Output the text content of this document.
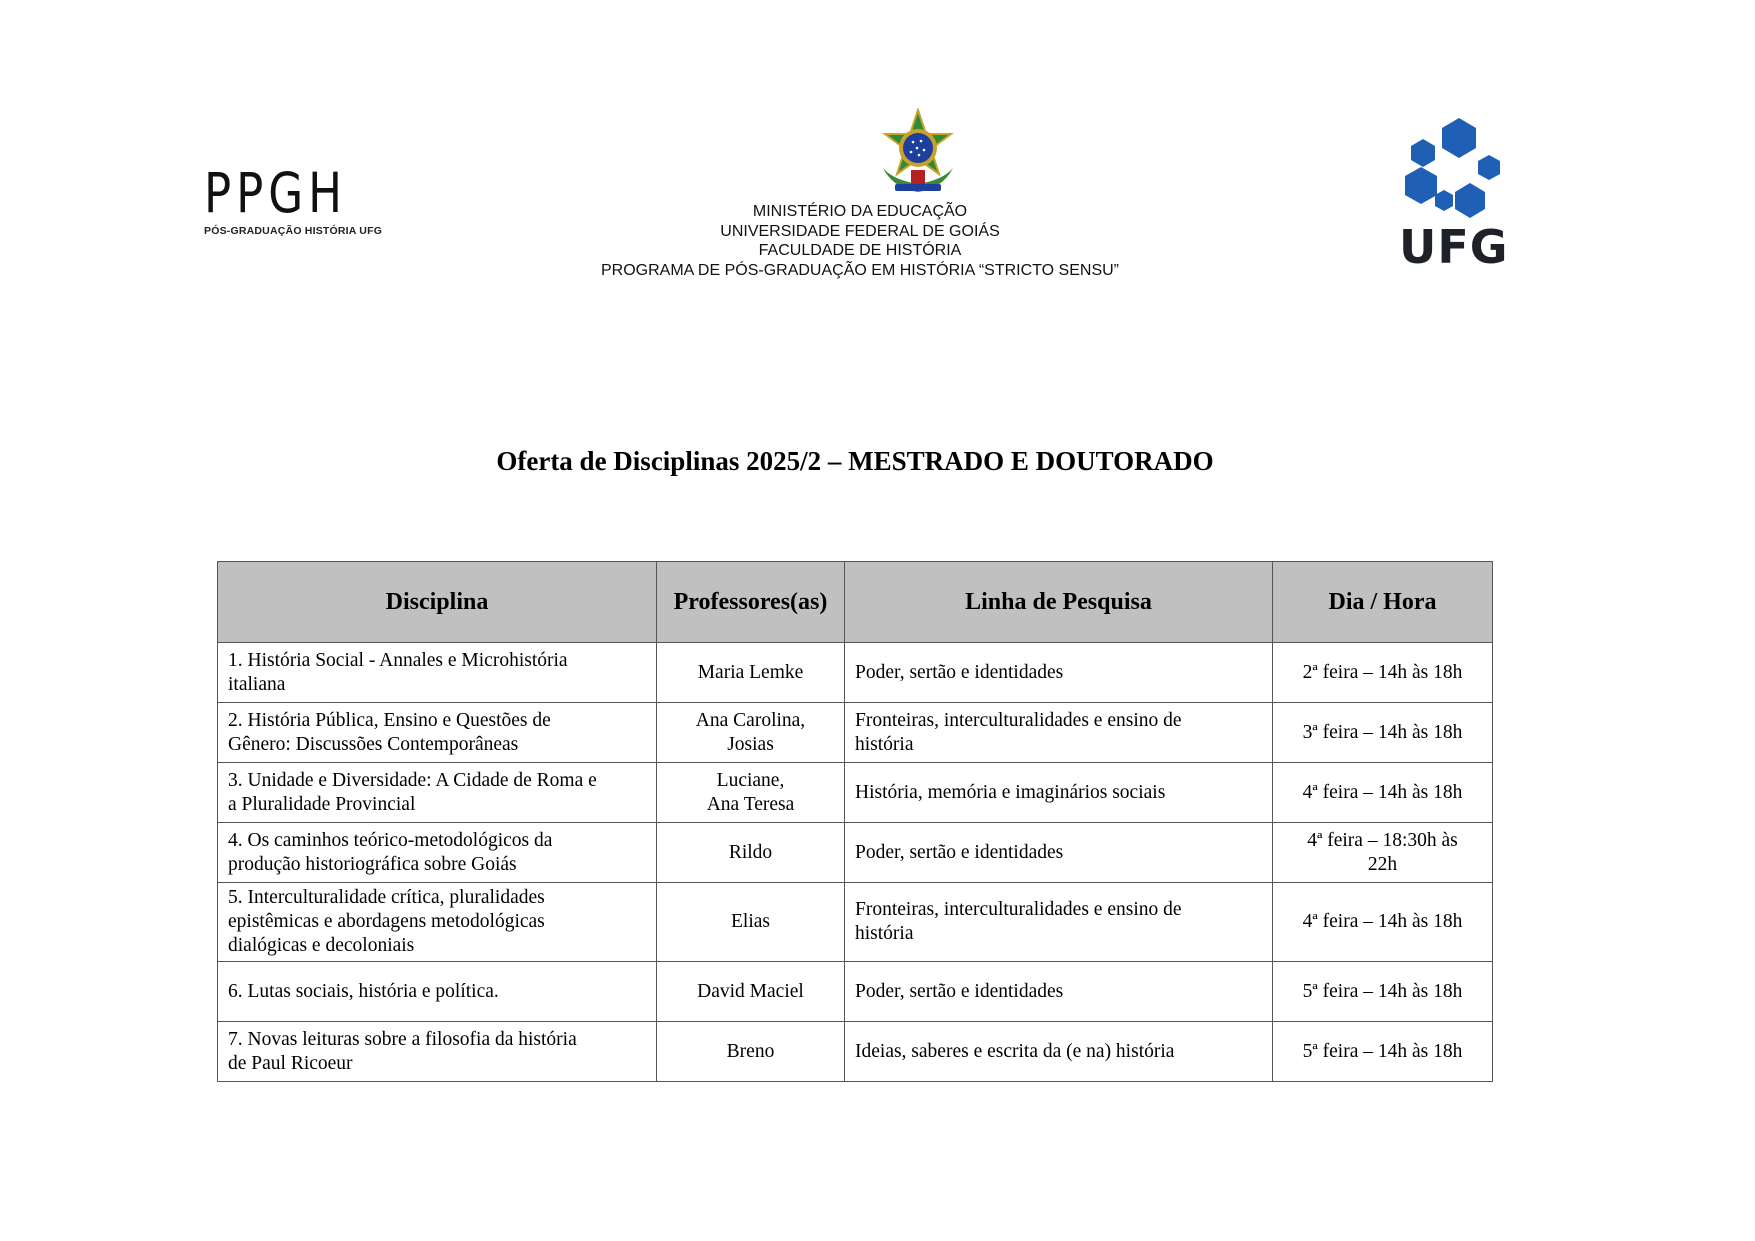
PPGH
PÓS-GRADUAÇÃO HISTÓRIA UFG
MINISTÉRIO DA EDUCAÇÃO
UNIVERSIDADE FEDERAL DE GOIÁS
FACULDADE DE HISTÓRIA
PROGRAMA DE PÓS-GRADUAÇÃO EM HISTÓRIA “STRICTO SENSU”	UFG
Oferta de Disciplinas 2025/2 – MESTRADO E DOUTORADO
Disciplina	Professores(as)	Linha de Pesquisa	Dia / Hora

1. História Social - Annales e Microhistória
italiana	Maria Lemke	Poder, sertão e identidades	2ª feira – 14h às 18h

2. História Pública, Ensino e Questões de
Gênero: Discussões Contemporâneas	Ana Carolina,
Josias	Fronteiras, interculturalidades e ensino de
história	3ª feira – 14h às 18h

3. Unidade e Diversidade: A Cidade de Roma e
a Pluralidade Provincial	Luciane,
Ana Teresa	História, memória e imaginários sociais	4ª feira – 14h às 18h

4. Os caminhos teórico-metodológicos da
produção historiográfica sobre Goiás	Rildo	Poder, sertão e identidades	4ª feira – 18:30h às
22h

5. Interculturalidade crítica, pluralidades
epistêmicas e abordagens metodológicas
dialógicas e decoloniais	Elias	Fronteiras, interculturalidades e ensino de
história	4ª feira – 14h às 18h

6. Lutas sociais, história e política.	David Maciel	Poder, sertão e identidades	5ª feira – 14h às 18h

7. Novas leituras sobre a filosofia da história
de Paul Ricoeur	Breno	Ideias, saberes e escrita da (e na) história	5ª feira – 14h às 18h
